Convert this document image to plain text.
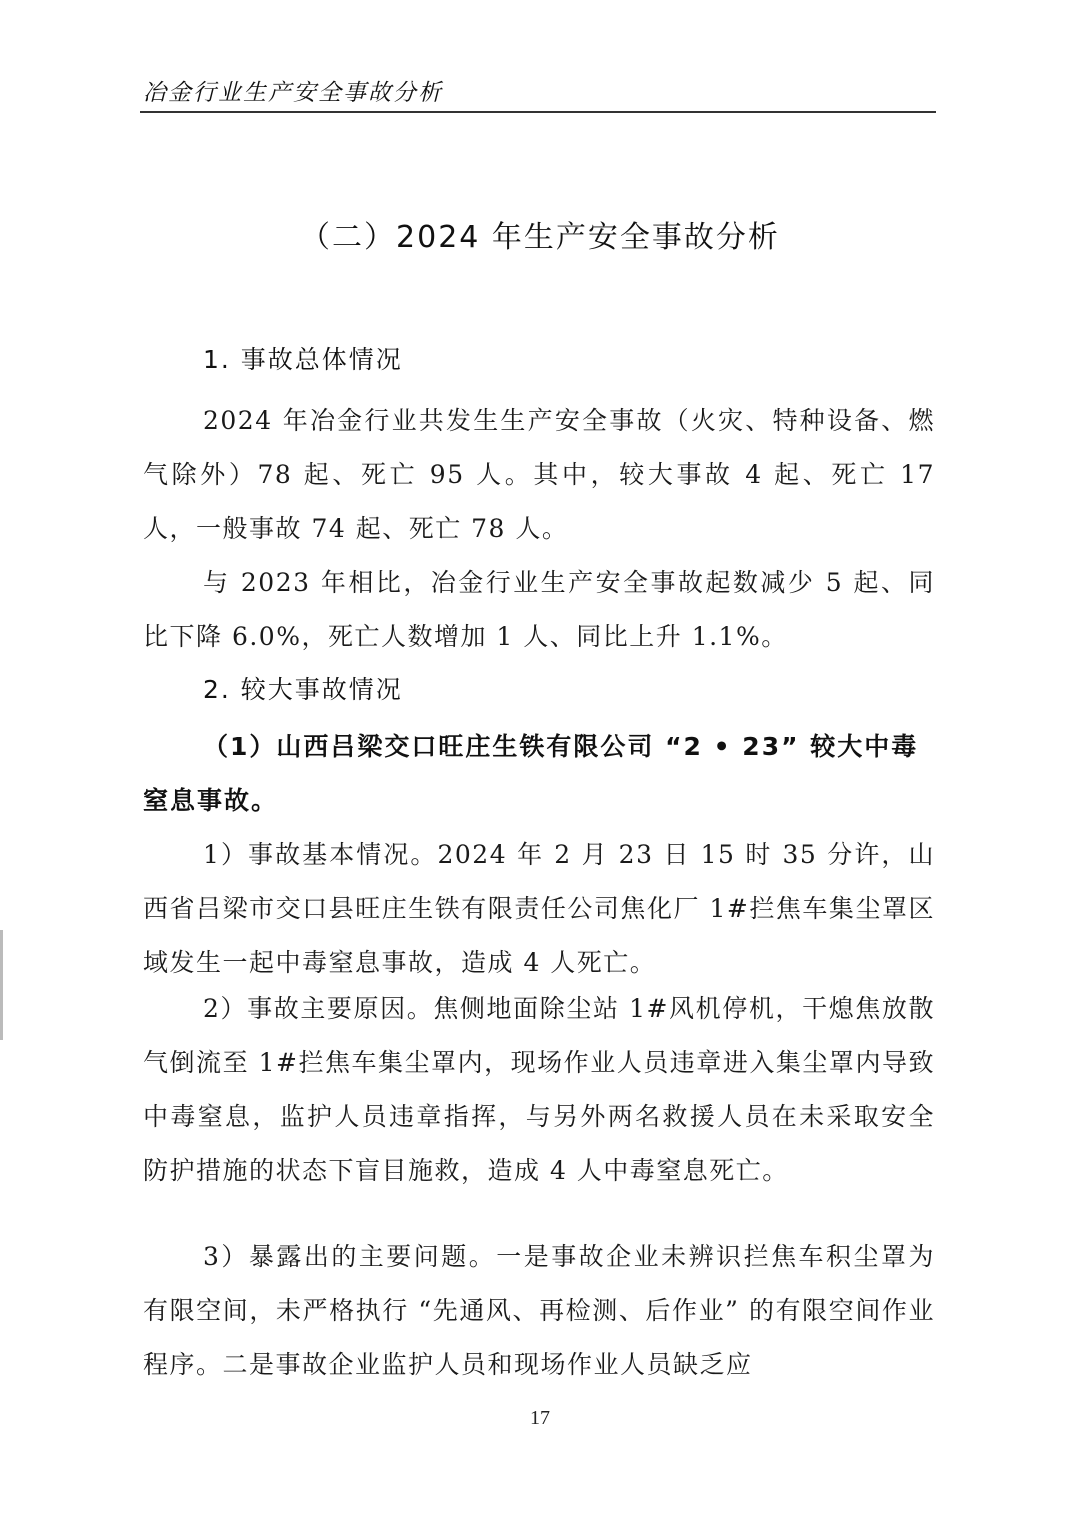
冶金行业生产安全事故分析
（二）2024 年生产安全事故分析

1. 事故总体情况

2024 年冶金行业共发生生产安全事故（火灾、特种设备、燃气除外）78 起、死亡 95 人。其中，较大事故 4 起、死亡 17 人，一般事故 74 起、死亡 78 人。

与 2023 年相比，冶金行业生产安全事故起数减少 5 起、同比下降 6.0%，死亡人数增加 1 人、同比上升 1.1%。

2. 较大事故情况

（1）山西吕梁交口旺庄生铁有限公司 “2 • 23” 较大中毒窒息事故。

1）事故基本情况。2024 年 2 月 23 日 15 时 35 分许，山西省吕梁市交口县旺庄生铁有限责任公司焦化厂 1#拦焦车集尘罩区域发生一起中毒窒息事故，造成 4 人死亡。

2）事故主要原因。焦侧地面除尘站 1#风机停机，干熄焦放散气倒流至 1#拦焦车集尘罩内，现场作业人员违章进入集尘罩内导致中毒窒息，监护人员违章指挥，与另外两名救援人员在未采取安全防护措施的状态下盲目施救，造成 4 人中毒窒息死亡。

3）暴露出的主要问题。一是事故企业未辨识拦焦车积尘罩为有限空间，未严格执行 “先通风、再检测、后作业” 的有限空间作业程序。二是事故企业监护人员和现场作业人员缺乏应

17
